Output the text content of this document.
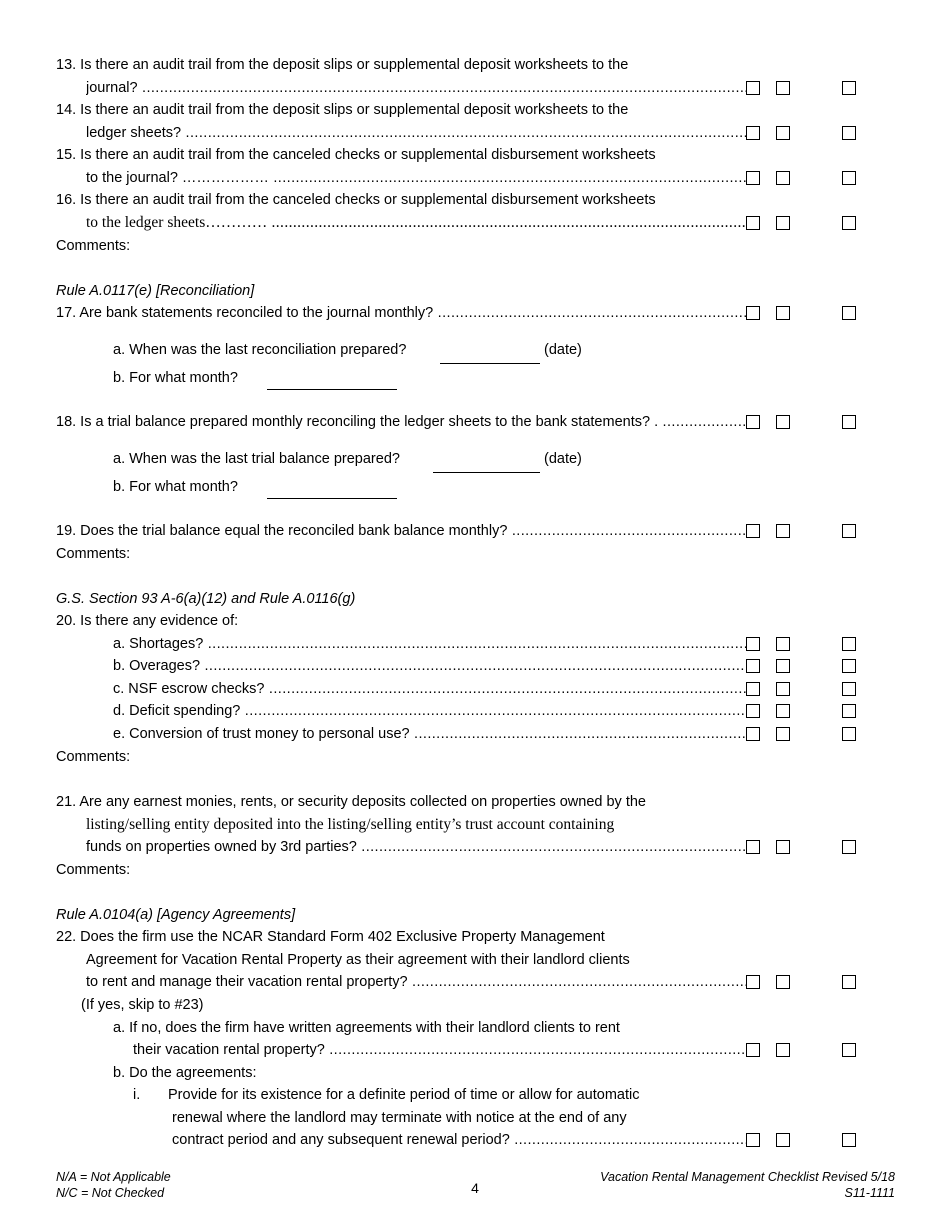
13. Is there an audit trail from the deposit slips or supplemental deposit worksheets to the
journal? .....
14. Is there an audit trail from the deposit slips or supplemental deposit worksheets to the
ledger sheets? .....
15. Is there an audit trail from the canceled checks or supplemental disbursement worksheets
to the journal? ……………… .....
16. Is there an audit trail from the canceled checks or supplemental disbursement worksheets
to the ledger sheets………… .....
Comments:
Rule A.0117(e) [Reconciliation]
17. Are bank statements reconciled to the journal monthly? .....
a. When was the last reconciliation prepared?	(date)
b. For what month?
18. Is a trial balance prepared monthly reconciling the ledger sheets to the bank statements? . .....
a. When was the last trial balance prepared?	(date)
b. For what month?
19. Does the trial balance equal the reconciled bank balance monthly? .....
Comments:
G.S. Section 93 A-6(a)(12) and Rule A.0116(g)
20. Is there any evidence of:
a. Shortages? .....
b. Overages? .....
c. NSF escrow checks? .....
d. Deficit spending? .....
e. Conversion of trust money to personal use? .....
Comments:
21. Are any earnest monies, rents, or security deposits collected on properties owned by the
listing/selling entity deposited into the listing/selling entity’s trust account containing
funds on properties owned by 3rd parties? .....
Comments:
Rule A.0104(a) [Agency Agreements]
22. Does the firm use the NCAR Standard Form 402 Exclusive Property Management
Agreement for Vacation Rental Property as their agreement with their landlord clients
to rent and manage their vacation rental property? .....
(If yes, skip to #23)
a. If no, does the firm have written agreements with their landlord clients to rent
their vacation rental property? .....
b. Do the agreements:
i.	Provide for its existence for a definite period of time or allow for automatic
renewal where the landlord may terminate with notice at the end of any
contract period and any subsequent renewal period? .....
N/A = Not Applicable
N/C = Not Checked	4
Vacation Rental Management Checklist Revised 5/18
S11-1111
